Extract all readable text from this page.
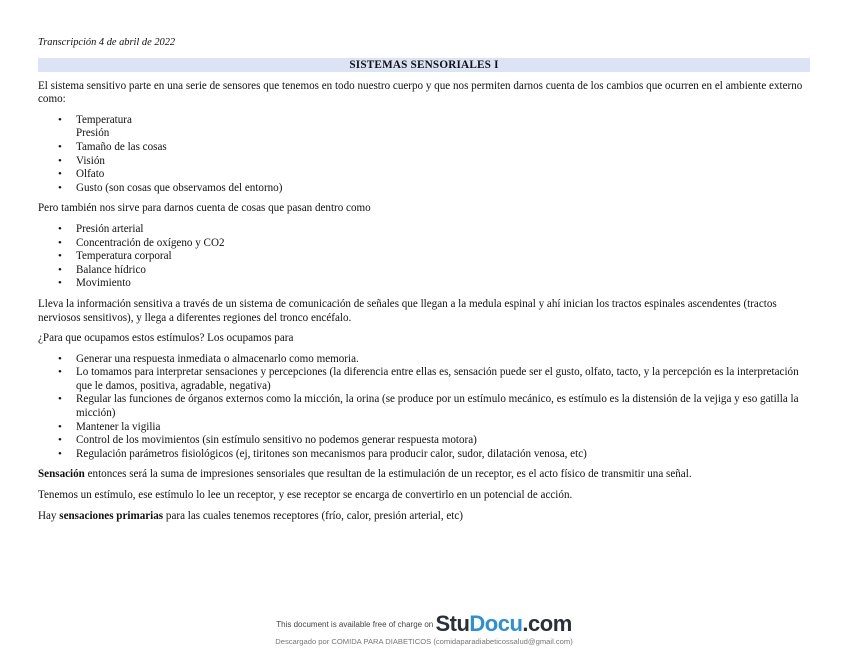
Transcripción 4 de abril de 2022
SISTEMAS SENSORIALES I

El sistema sensitivo parte en una serie de sensores que tenemos en todo nuestro cuerpo y que nos permiten darnos cuenta de los cambios que ocurren en el ambiente externo como:

• Temperatura
Presión
• Tamaño de las cosas
• Visión
• Olfato
• Gusto (son cosas que observamos del entorno)

Pero también nos sirve para darnos cuenta de cosas que pasan dentro como

• Presión arterial
• Concentración de oxígeno y CO2
• Temperatura corporal
• Balance hídrico
• Movimiento

Lleva la información sensitiva a través de un sistema de comunicación de señales que llegan a la medula espinal y ahí inician los tractos espinales ascendentes (tractos nerviosos sensitivos), y llega a diferentes regiones del tronco encéfalo.

¿Para que ocupamos estos estímulos? Los ocupamos para

• Generar una respuesta inmediata o almacenarlo como memoria.
• Lo tomamos para interpretar sensaciones y percepciones (la diferencia entre ellas es, sensación puede ser el gusto, olfato, tacto, y la percepción es la interpretación que le damos, positiva, agradable, negativa)
• Regular las funciones de órganos externos como la micción, la orina (se produce por un estímulo mecánico, es estímulo es la distensión de la vejiga y eso gatilla la micción)
• Mantener la vigilia
• Control de los movimientos (sin estímulo sensitivo no podemos generar respuesta motora)
• Regulación parámetros fisiológicos (ej, tiritones son mecanismos para producir calor, sudor, dilatación venosa, etc)

Sensación entonces será la suma de impresiones sensoriales que resultan de la estimulación de un receptor, es el acto físico de transmitir una señal.

Tenemos un estímulo, ese estímulo lo lee un receptor, y ese receptor se encarga de convertirlo en un potencial de acción.

Hay sensaciones primarias para las cuales tenemos receptores (frío, calor, presión arterial, etc)

This document is available free of charge on StuDocu.com
Descargado por COMIDA PARA DIABETICOS (comidaparadiabeticossalud@gmail.com)
